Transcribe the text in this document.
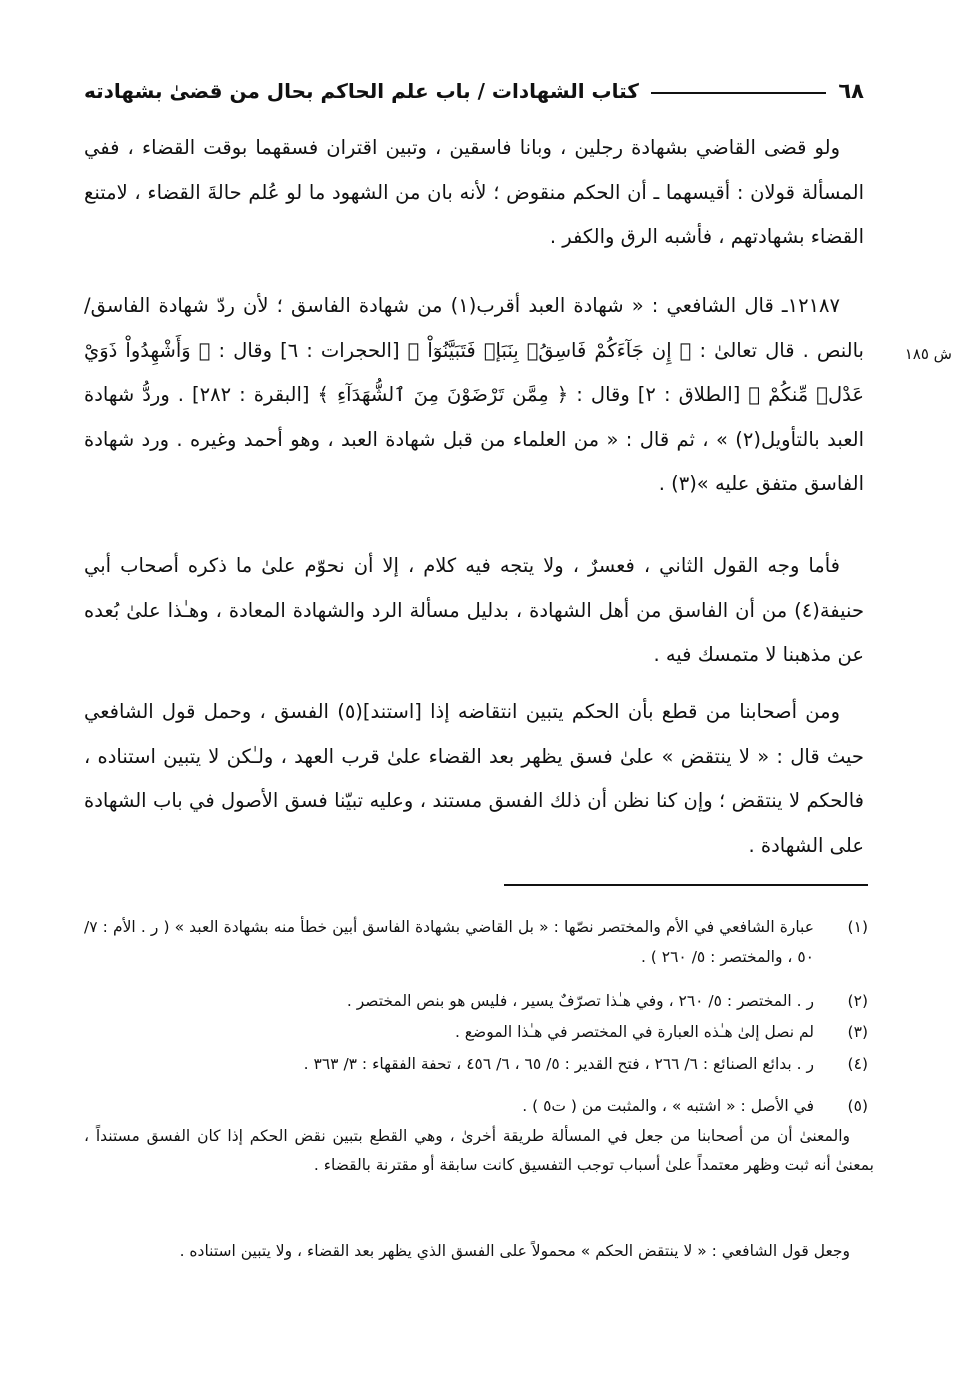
٦٨
كتاب الشهادات / باب علم الحاكم بحال من قضىٰ بشهادته
ش ١٨٥

ولو قضى القاضي بشهادة رجلين ، وبانا فاسقين ، وتبين اقتران فسقهما بوقت القضاء ، ففي المسألة قولان : أقيسهما ـ أن الحكم منقوض ؛ لأنه بان من الشهود ما لو عُلم حالةَ القضاء ، لامتنع القضاء بشهادتهم ، فأشبه الرق والكفر .

١٢١٨٧ـ قال الشافعي : « شهادة العبد أقرب(١) من شهادة الفاسق ؛ لأن ردّ شهادة الفاسق/ بالنص . قال تعالىٰ : ﴿ إِن جَآءَكُمْ فَاسِقُۢ بِنَبَإٖ فَتَبَيَّنُوٓاْ ﴾ [الحجرات : ٦] وقال : ﴿ وَأَشْهِدُواْ ذَوَيْ عَدْلٖ مِّنكُمْ ﴾ [الطلاق : ٢] وقال : ﴿ مِمَّن تَرْضَوْنَ مِنَ ٱلشُّهَدَآءِ ﴾ [البقرة : ٢٨٢] . وردُّ شهادة العبد بالتأويل(٢) » ، ثم قال : « من العلماء من قبل شهادة العبد ، وهو أحمد وغيره . ورد شهادة الفاسق متفق عليه »(٣) .

فأما وجه القول الثاني ، فعسرٌ ، ولا يتجه فيه كلام ، إلا أن نحوّم علىٰ ما ذكره أصحاب أبي حنيفة(٤) من أن الفاسق من أهل الشهادة ، بدليل مسألة الرد والشهادة المعادة ، وهـٰذا علىٰ بُعده عن مذهبنا لا متمسك فيه .

ومن أصحابنا من قطع بأن الحكم يتبين انتقاضه إذا [استند](٥) الفسق ، وحمل قول الشافعي حيث قال : « لا ينتقض » علىٰ فسق يظهر بعد القضاء علىٰ قرب العهد ، ولـٰكن لا يتبين استناده ، فالحكم لا ينتقض ؛ وإن كنا نظن أن ذلك الفسق مستند ، وعليه تبيّنا فسق الأصول في باب الشهادة على الشهادة .

(١)
عبارة الشافعي في الأم والمختصر نصّها : « بل القاضي بشهادة الفاسق أبين خطأ منه بشهادة العبد » ( ر . الأم : ٧/ ٥٠ ، والمختصر : ٥/ ٢٦٠ ) .
(٢)
ر . المختصر : ٥/ ٢٦٠ ، وفي هـٰذا تصرّفٌ يسير ، فليس هو بنص المختصر .
(٣)
لم نصل إلىٰ هـٰذه العبارة في المختصر في هـٰذا الموضع .
(٤)
ر . بدائع الصنائع : ٦/ ٢٦٦ ، فتح القدير : ٥/ ٦٥ ، ٦/ ٤٥٦ ، تحفة الفقهاء : ٣/ ٣٦٣ .
(٥)
في الأصل : « اشتبه » ، والمثبت من ( ت٥ ) .
والمعنىٰ أن من أصحابنا من جعل في المسألة طريقة أخرىٰ ، وهي القطع بتبين نقض الحكم إذا كان الفسق مستنداً ، بمعنىٰ أنه ثبت وظهر معتمداً علىٰ أسباب توجب التفسيق كانت سابقة أو مقترنة بالقضاء .
وجعل قول الشافعي : « لا ينتقض الحكم » محمولاً على الفسق الذي يظهر بعد القضاء ، ولا يتبين استناده .
